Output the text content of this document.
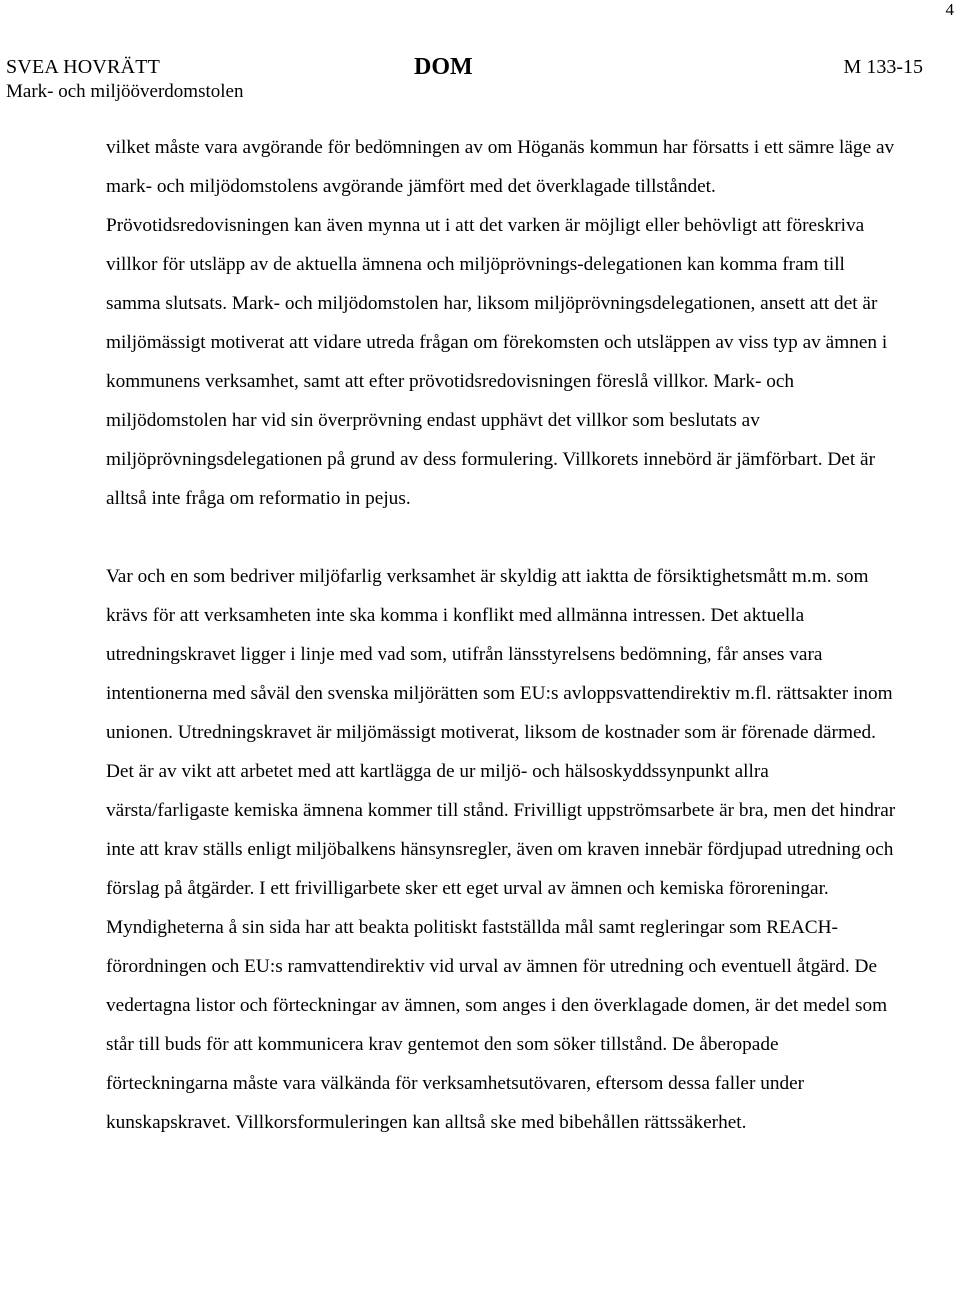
4
SVEA HOVRÄTT
Mark- och miljööverdomstolen
DOM	M 133-15

vilket måste vara avgörande för bedömningen av om Höganäs kommun har försatts i ett sämre läge av mark- och miljödomstolens avgörande jämfört med det överklagade tillståndet. Prövotidsredovisningen kan även mynna ut i att det varken är möjligt eller behövligt att föreskriva villkor för utsläpp av de aktuella ämnena och miljöprövnings-delegationen kan komma fram till samma slutsats. Mark- och miljödomstolen har, liksom miljöprövningsdelegationen, ansett att det är miljömässigt motiverat att vidare utreda frågan om förekomsten och utsläppen av viss typ av ämnen i kommunens verksamhet, samt att efter prövotidsredovisningen föreslå villkor. Mark- och miljödomstolen har vid sin överprövning endast upphävt det villkor som beslutats av miljöprövningsdelegationen på grund av dess formulering. Villkorets innebörd är jämförbart. Det är alltså inte fråga om reformatio in pejus.

Var och en som bedriver miljöfarlig verksamhet är skyldig att iaktta de försiktighetsmått m.m. som krävs för att verksamheten inte ska komma i konflikt med allmänna intressen. Det aktuella utredningskravet ligger i linje med vad som, utifrån länsstyrelsens bedömning, får anses vara intentionerna med såväl den svenska miljörätten som EU:s avloppsvattendirektiv m.fl. rättsakter inom unionen. Utredningskravet är miljömässigt motiverat, liksom de kostnader som är förenade därmed. Det är av vikt att arbetet med att kartlägga de ur miljö- och hälsoskyddssynpunkt allra värsta/farligaste kemiska ämnena kommer till stånd. Frivilligt uppströmsarbete är bra, men det hindrar inte att krav ställs enligt miljöbalkens hänsynsregler, även om kraven innebär fördjupad utredning och förslag på åtgärder. I ett frivilligarbete sker ett eget urval av ämnen och kemiska föroreningar. Myndigheterna å sin sida har att beakta politiskt fastställda mål samt regleringar som REACH-förordningen och EU:s ramvattendirektiv vid urval av ämnen för utredning och eventuell åtgärd. De vedertagna listor och förteckningar av ämnen, som anges i den överklagade domen, är det medel som står till buds för att kommunicera krav gentemot den som söker tillstånd. De åberopade förteckningarna måste vara välkända för verksamhetsutövaren, eftersom dessa faller under kunskapskravet. Villkorsformuleringen kan alltså ske med bibehållen rättssäkerhet.
